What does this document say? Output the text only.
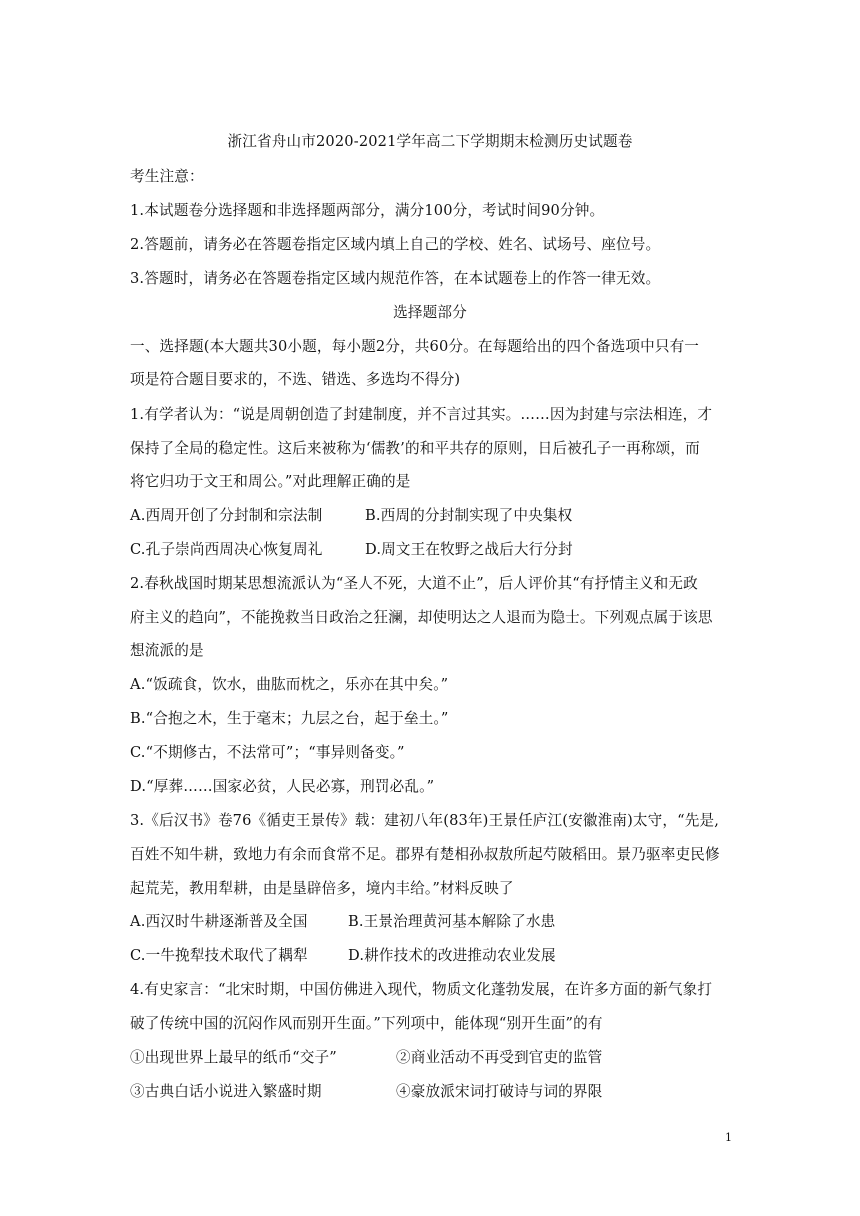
浙江省舟山市2020-2021学年高二下学期期末检测历史试题卷
考生注意：
1.本试题卷分选择题和非选择题两部分，满分100分，考试时间90分钟。
2.答题前，请务必在答题卷指定区域内填上自己的学校、姓名、试场号、座位号。
3.答题时，请务必在答题卷指定区域内规范作答，在本试题卷上的作答一律无效。
选择题部分
一、选择题(本大题共30小题，每小题2分，共60分。在每题给出的四个备选项中只有一
项是符合题目要求的，不选、错选、多选均不得分)
1.有学者认为：“说是周朝创造了封建制度，并不言过其实。……因为封建与宗法相连，才
保持了全局的稳定性。这后来被称为‘儒教’的和平共存的原则，日后被孔子一再称颂，而
将它归功于文王和周公。”对此理解正确的是
A.西周开创了分封制和宗法制	B.西周的分封制实现了中央集权
C.孔子崇尚西周决心恢复周礼	D.周文王在牧野之战后大行分封
2.春秋战国时期某思想流派认为“圣人不死，大道不止”，后人评价其“有抒情主义和无政
府主义的趋向”，不能挽救当日政治之狂澜，却使明达之人退而为隐士。下列观点属于该思
想流派的是
A.“饭疏食，饮水，曲肱而枕之，乐亦在其中矣。”
B.“合抱之木，生于毫末；九层之台，起于垒土。”
C.“不期修古，不法常可”；“事异则备变。”
D.“厚葬……国家必贫，人民必寡，刑罚必乱。”
3.《后汉书》卷76《循吏王景传》载：建初八年(83年)王景任庐江(安徽淮南)太守，“先是,
百姓不知牛耕，致地力有余而食常不足。郡界有楚相孙叔敖所起芍陂稻田。景乃驱率吏民修
起荒芜，教用犁耕，由是垦辟倍多，境内丰给。”材料反映了
A.西汉时牛耕逐渐普及全国	B.王景治理黄河基本解除了水患
C.一牛挽犁技术取代了耦犁	D.耕作技术的改进推动农业发展
4.有史家言：“北宋时期，中国仿佛进入现代，物质文化蓬勃发展，在许多方面的新气象打
破了传统中国的沉闷作风而别开生面。”下列项中，能体现“别开生面”的有
①出现世界上最早的纸币“交子”	②商业活动不再受到官吏的监管
③古典白话小说进入繁盛时期	④豪放派宋词打破诗与词的界限
1
